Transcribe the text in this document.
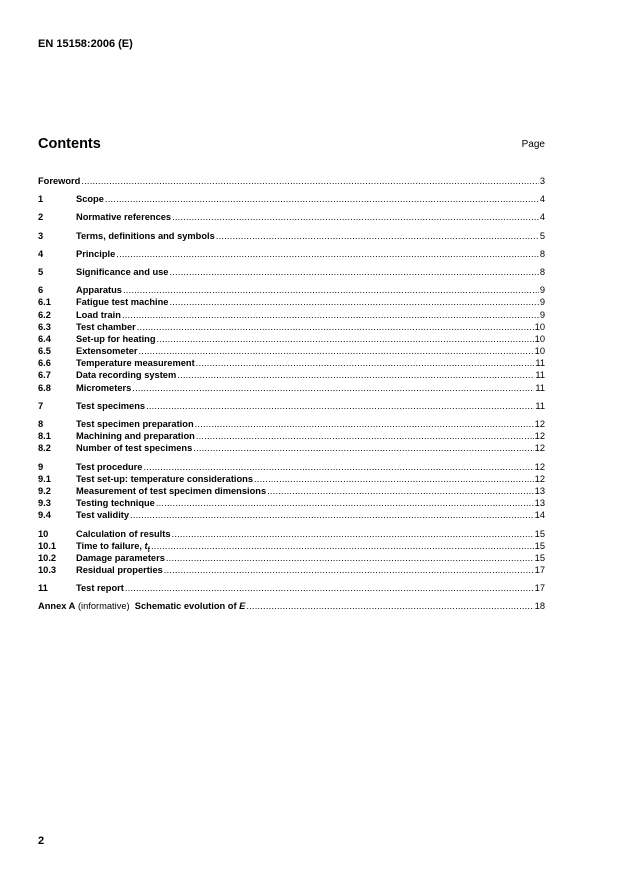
EN 15158:2006 (E)
Contents	Page
Foreword .....	3
1	Scope .....	4
2	Normative references .....	4
3	Terms, definitions and symbols .....	5
4	Principle .....	8
5	Significance and use .....	8
6	Apparatus .....	9
6.1	Fatigue test machine .....	9
6.2	Load train .....	9
6.3	Test chamber .....	10
6.4	Set-up for heating .....	10
6.5	Extensometer .....	10
6.6	Temperature measurement .....	11
6.7	Data recording system .....	11
6.8	Micrometers .....	11
7	Test specimens .....	11
8	Test specimen preparation .....	12
8.1	Machining and preparation .....	12
8.2	Number of test specimens .....	12
9	Test procedure .....	12
9.1	Test set-up: temperature considerations .....	12
9.2	Measurement of test specimen dimensions .....	13
9.3	Testing technique .....	13
9.4	Test validity .....	14
10	Calculation of results .....	15
10.1	Time to failure, $t_f$ .....	15
10.2	Damage parameters .....	15
10.3	Residual properties .....	17
11	Test report .....	17
Annex A (informative)  Schematic evolution of E .....	18
2
